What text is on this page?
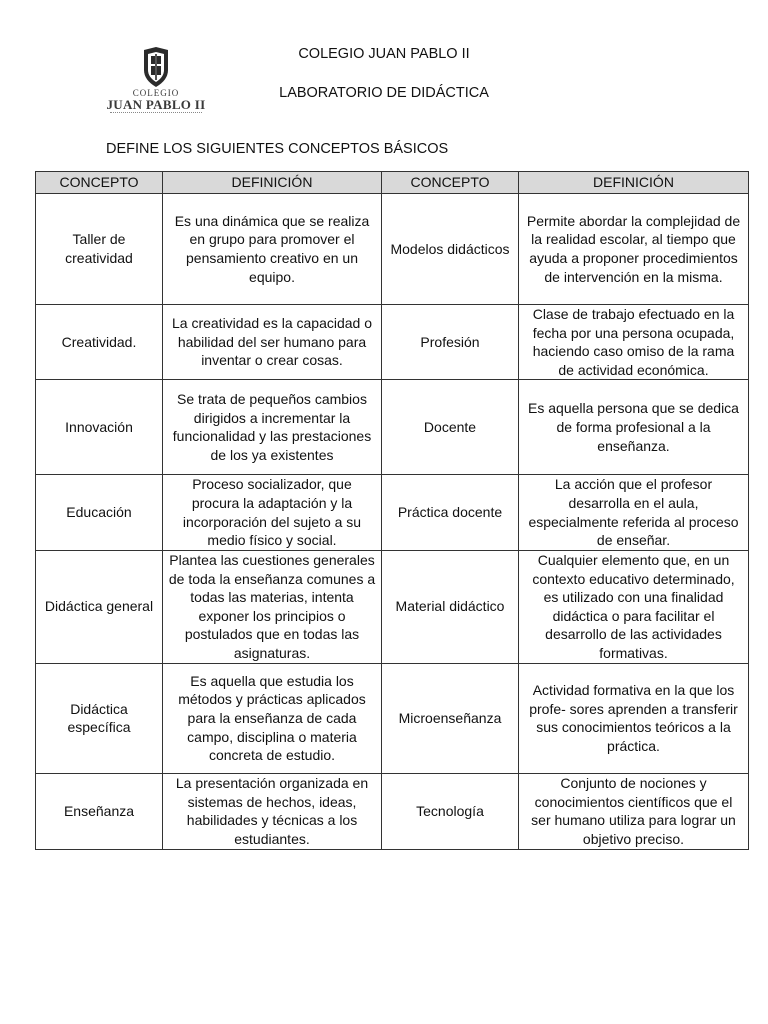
COLEGIO
JUAN PABLO II
COLEGIO JUAN PABLO II
LABORATORIO DE DIDÁCTICA
DEFINE LOS SIGUIENTES CONCEPTOS BÁSICOS
CONCEPTO	DEFINICIÓN	CONCEPTO	DEFINICIÓN
Taller de creatividad	Es una dinámica que se realiza en grupo para promover el pensamiento creativo en un equipo.	Modelos didácticos	Permite abordar la complejidad de la realidad escolar, al tiempo que ayuda a proponer procedimientos de intervención en la misma.
Creatividad.	La creatividad es la capacidad o habilidad del ser humano para inventar o crear cosas.	Profesión	Clase de trabajo efectuado en la fecha por una persona ocupada, haciendo caso omiso de la rama de actividad económica.
Innovación	Se trata de pequeños cambios dirigidos a incrementar la funcionalidad y las prestaciones de los ya existentes	Docente	Es aquella persona que se dedica de forma profesional a la enseñanza.
Educación	Proceso socializador, que procura la adaptación y la incorporación del sujeto a su medio físico y social.	Práctica docente	La acción que el profesor desarrolla en el aula, especialmente referida al proceso de enseñar.
Didáctica general	Plantea las cuestiones generales de toda la enseñanza comunes a todas las materias, intenta exponer los principios o postulados que en todas las asignaturas.	Material didáctico	Cualquier elemento que, en un contexto educativo determinado, es utilizado con una finalidad didáctica o para facilitar el desarrollo de las actividades formativas.
Didáctica específica	Es aquella que estudia los métodos y prácticas aplicados para la enseñanza de cada campo, disciplina o materia concreta de estudio.	Microenseñanza	Actividad formativa en la que los profe- sores aprenden a transferir sus conocimientos teóricos a la práctica.
Enseñanza	La presentación organizada en sistemas de hechos, ideas, habilidades y técnicas a los estudiantes.	Tecnología	Conjunto de nociones y conocimientos científicos que el ser humano utiliza para lograr un objetivo preciso.
